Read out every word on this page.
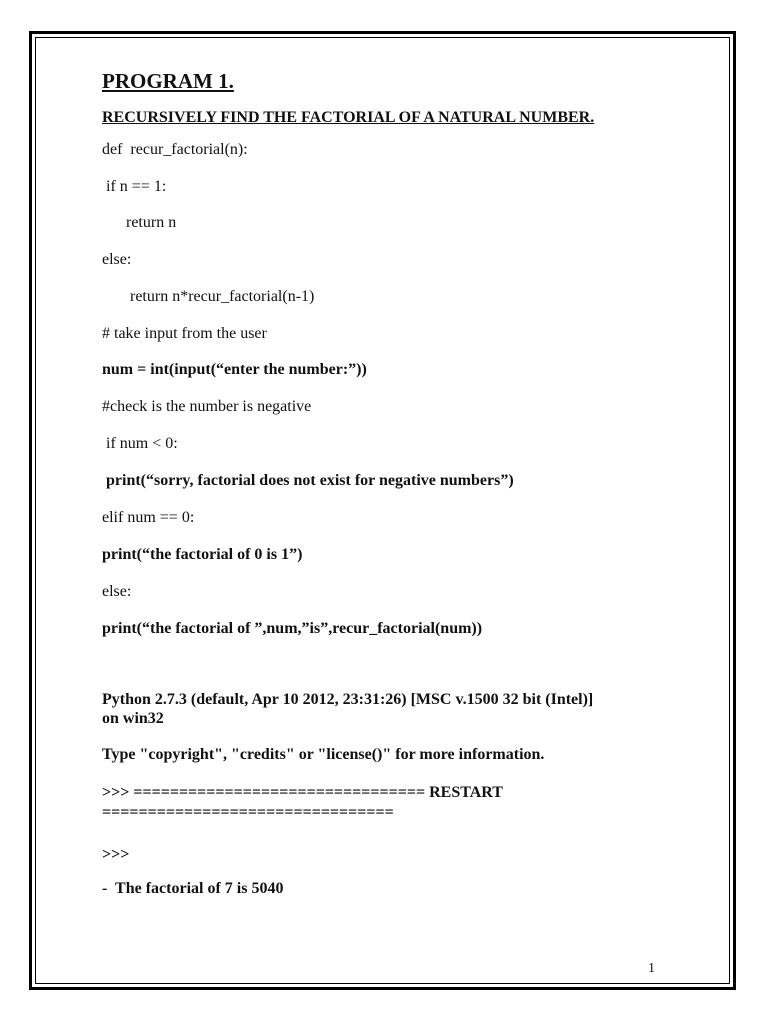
PROGRAM 1.
RECURSIVELY FIND THE FACTORIAL OF A NATURAL NUMBER.
def  recur_factorial(n):
if n == 1:
return n
else:
return n*recur_factorial(n-1)
# take input from the user
num = int(input(“enter the number:”))
#check is the number is negative
if num < 0:
print(“sorry, factorial does not exist for negative numbers”)
elif num == 0:
print(“the factorial of 0 is 1”)
else:
print(“the factorial of ”,num,”is”,recur_factorial(num))
Python 2.7.3 (default, Apr 10 2012, 23:31:26) [MSC v.1500 32 bit (Intel)]
on win32
Type "copyright", "credits" or "license()" for more information.
>>> ================================ RESTART
================================
>>>
-  The factorial of 7 is 5040
1
